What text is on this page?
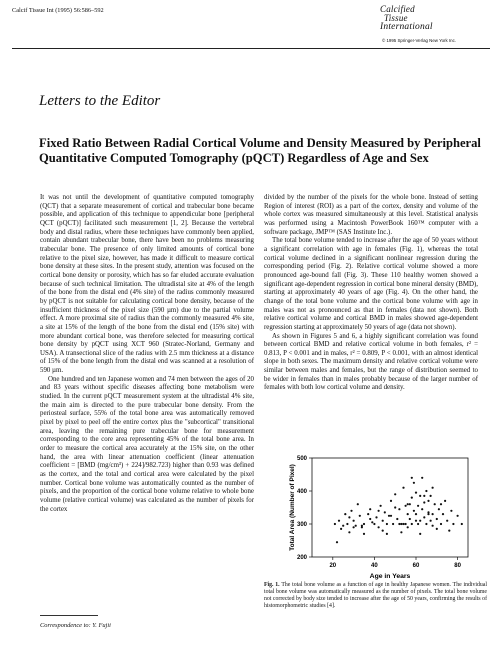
Calcif Tissue Int (1995) 56:586–592	Calcified
Tissue
International
© 1995 Springer-Verlag New York Inc.
Letters to the Editor
Fixed Ratio Between Radial Cortical Volume and Density Measured by Peripheral Quantitative Computed Tomography (pQCT) Regardless of Age and Sex

It was not until the development of quantitative computed tomography (QCT) that a separate measurement of cortical and trabecular bone became possible, and application of this technique to appendicular bone [peripheral QCT (pQCT)] facilitated such measurement [1, 2]. Because the vertebral body and distal radius, where these techniques have commonly been applied, contain abundant trabecular bone, there have been no problems measuring trabecular bone. The presence of only limited amounts of cortical bone relative to the pixel size, however, has made it difficult to measure cortical bone density at these sites. In the present study, attention was focused on the cortical bone density or porosity, which has so far eluded accurate evaluation because of such technical limitation. The ultradistal site at 4% of the length of the bone from the distal end (4% site) of the radius commonly measured by pQCT is not suitable for calculating cortical bone density, because of the insufficient thickness of the pixel size (590 µm) due to the partial volume effect. A more proximal site of radius than the commonly measured 4% site, a site at 15% of the length of the bone from the distal end (15% site) with more abundant cortical bone, was therefore selected for measuring cortical bone density by pQCT using XCT 960 (Stratec-Norland, Germany and USA). A transectional slice of the radius with 2.5 mm thickness at a distance of 15% of the bone length from the distal end was scanned at a resolution of 590 µm.

One hundred and ten Japanese women and 74 men between the ages of 20 and 83 years without specific diseases affecting bone metabolism were studied. In the current pQCT measurement system at the ultradistal 4% site, the main aim is directed to the pure trabecular bone density. From the periosteal surface, 55% of the total bone area was automatically removed pixel by pixel to peel off the entire cortex plus the "subcortical" transitional area, leaving the remaining pure trabecular bone for measurement corresponding to the core area representing 45% of the total bone area. In order to measure the cortical area accurately at the 15% site, on the other hand, the area with linear attenuation coefficient (linear attenuation coefficient = [BMD (mg/cm³) + 224]/982.723) higher than 0.93 was defined as the cortex, and the total and cortical area were calculated by the pixel number. Cortical bone volume was automatically counted as the number of pixels, and the proportion of the cortical bone volume relative to whole bone volume (relative cortical volume) was calculated as the number of pixels for the cortex

divided by the number of the pixels for the whole bone. Instead of setting Region of interest (ROI) as a part of the cortex, density and volume of the whole cortex was measured simultaneously at this level. Statistical analysis was performed using a Macintosh PowerBook 160™ computer with a software package, JMP™ (SAS Institute Inc.).

The total bone volume tended to increase after the age of 50 years without a significant correlation with age in females (Fig. 1), whereas the total cortical volume declined in a significant nonlinear regression during the corresponding period (Fig. 2). Relative cortical volume showed a more pronounced age-bound fall (Fig. 3). These 110 healthy women showed a significant age-dependent regression in cortical bone mineral density (BMD), starting at approximately 40 years of age (Fig. 4). On the other hand, the change of the total bone volume and the cortical bone volume with age in males was not as pronounced as that in females (data not shown). Both relative cortical volume and cortical BMD in males showed age-dependent regression starting at approximately 50 years of age (data not shown).

As shown in Figures 5 and 6, a highly significant correlation was found between cortical BMD and relative cortical volume in both females, r² = 0.813, P < 0.001 and in males, r² = 0.809, P < 0.001, with an almost identical slope in both sexes. The maximum density and relative cortical volume were similar between males and females, but the range of distribution seemed to be wider in females than in males probably because of the larger number of females with both low cortical volume and density.

200
300
400
500
20	40	60	80
Total Area (Number of Pixel)
Age in Years
Fig. 1. The total bone volume as a function of age in healthy Japanese women. The individual total bone volume was automatically measured as the number of pixels. The total bone volume not corrected by body size tended to increase after the age of 50 years, confirming the results of histomorphometric studies [4].
Correspondence to: Y. Fujii
